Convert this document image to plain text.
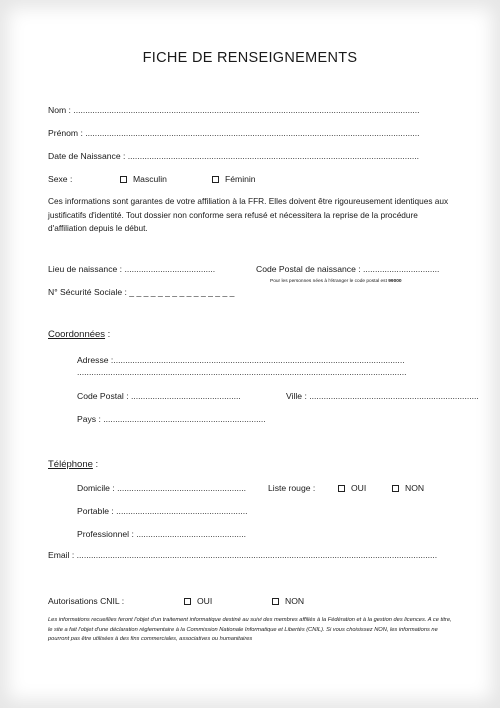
FICHE DE RENSEIGNEMENTS
Nom : .................................................................................................................................................
Prénom : ............................................................................................................................................
Date de Naissance : ..........................................................................................................................
Sexe :	Masculin	Féminin
Ces informations sont garantes de votre affiliation à la FFR. Elles doivent être rigoureusement identiques aux justificatifs d'identité. Tout dossier non conforme sera refusé et nécessitera la reprise de la procédure d'affiliation depuis le début.
Lieu de naissance : ......................................	Code Postal de naissance : ................................
Pour les personnes nées à l'étranger le code postal est 99000
N° Sécurité Sociale : _ _ _ _ _ _ _ _ _ _ _ _ _ _ _
Coordonnées :
Adresse :..........................................................................................................................
..........................................................................................................................................
Code Postal : ..............................................	Ville : .......................................................................
Pays : ....................................................................
Téléphone :
Domicile : ......................................................	Liste rouge :	OUI	NON
Portable : .......................................................
Professionnel : ..............................................
Email : .......................................................................................................................................................
Autorisations CNIL :	OUI	NON
Les informations recueillies feront l'objet d'un traitement informatique destiné au suivi des membres affiliés à la Fédération et à la gestion des licences. A ce titre, le site a fait l'objet d'une déclaration réglementaire à la Commission Nationale Informatique et Libertés (CNIL). Si vous choisissez NON, les informations ne pourront pas être utilisées à des fins commerciales, associatives ou humanitaires
